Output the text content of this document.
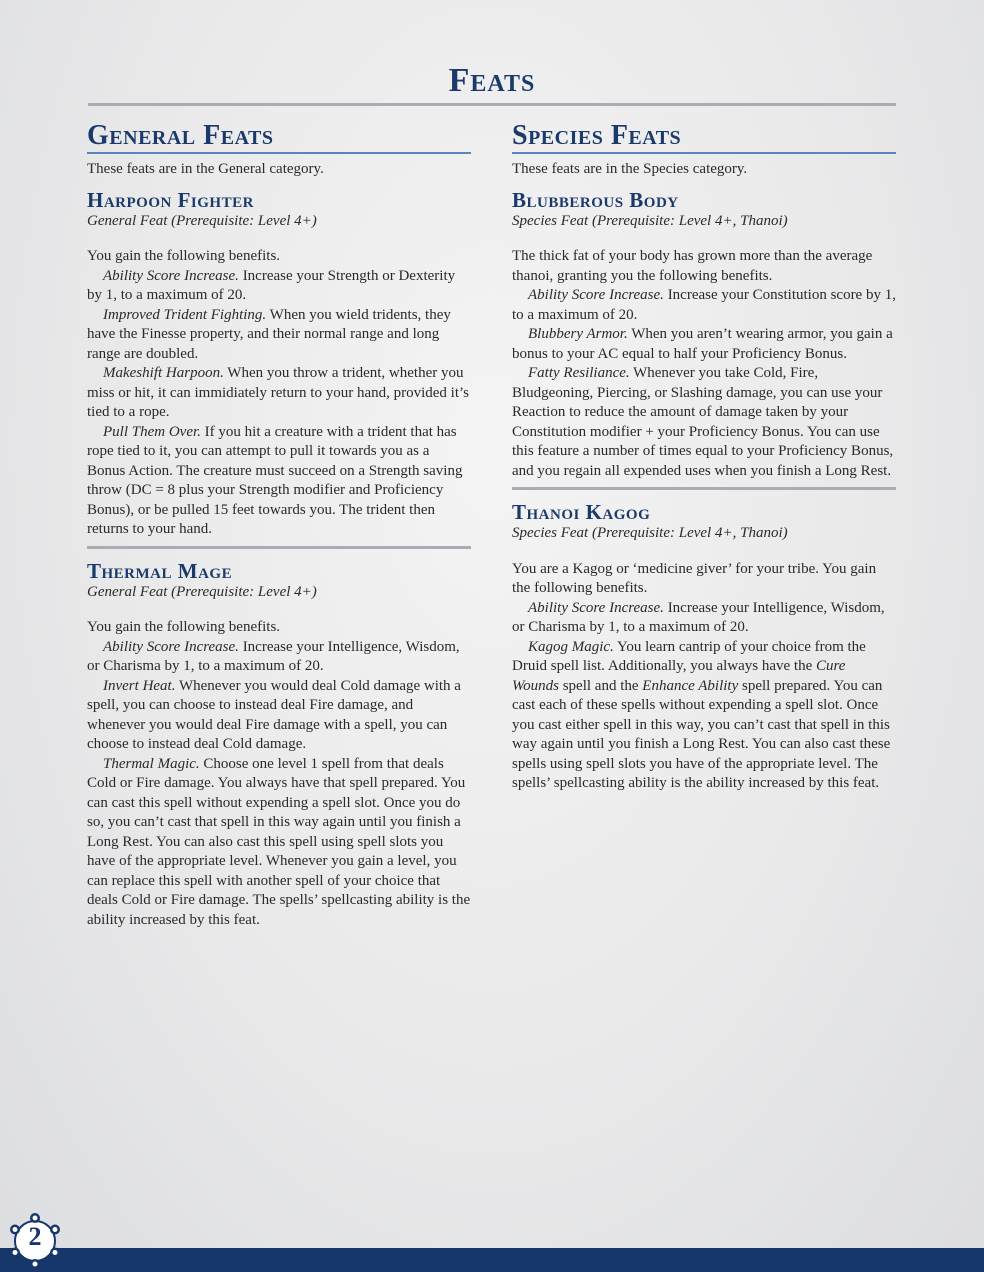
Feats
General Feats

These feats are in the General category.

Harpoon Fighter

General Feat (Prerequisite: Level 4+)

You gain the following benefits.

Ability Score Increase. Increase your Strength or Dexterity by 1, to a maximum of 20.

Improved Trident Fighting. When you wield tridents, they have the Finesse property, and their normal range and long range are doubled.

Makeshift Harpoon. When you throw a trident, whether you miss or hit, it can immidiately return to your hand, provided it’s tied to a rope.

Pull Them Over. If you hit a creature with a trident that has rope tied to it, you can attempt to pull it towards you as a Bonus Action. The creature must succeed on a Strength saving throw (DC = 8 plus your Strength modifier and Proficiency Bonus), or be pulled 15 feet towards you. The trident then returns to your hand.

Thermal Mage

General Feat (Prerequisite: Level 4+)

You gain the following benefits.

Ability Score Increase. Increase your Intelligence, Wisdom, or Charisma by 1, to a maximum of 20.

Invert Heat. Whenever you would deal Cold damage with a spell, you can choose to instead deal Fire damage, and whenever you would deal Fire damage with a spell, you can choose to instead deal Cold damage.

Thermal Magic. Choose one level 1 spell from that deals Cold or Fire damage. You always have that spell prepared. You can cast this spell without expending a spell slot. Once you do so, you can’t cast that spell in this way again until you finish a Long Rest. You can also cast this spell using spell slots you have of the appropriate level. Whenever you gain a level, you can replace this spell with another spell of your choice that deals Cold or Fire damage. The spells’ spellcasting ability is the ability increased by this feat.

Species Feats

These feats are in the Species category.

Blubberous Body

Species Feat (Prerequisite: Level 4+, Thanoi)

The thick fat of your body has grown more than the average thanoi, granting you the following benefits.

Ability Score Increase. Increase your Constitution score by 1, to a maximum of 20.

Blubbery Armor. When you aren’t wearing armor, you gain a bonus to your AC equal to half your Proficiency Bonus.

Fatty Resiliance. Whenever you take Cold, Fire, Bludgeoning, Piercing, or Slashing damage, you can use your Reaction to reduce the amount of damage taken by your Constitution modifier + your Proficiency Bonus. You can use this feature a number of times equal to your Proficiency Bonus, and you regain all expended uses when you finish a Long Rest.

Thanoi Kagog

Species Feat (Prerequisite: Level 4+, Thanoi)

You are a Kagog or ‘medicine giver’ for your tribe. You gain the following benefits.

Ability Score Increase. Increase your Intelligence, Wisdom, or Charisma by 1, to a maximum of 20.

Kagog Magic. You learn cantrip of your choice from the Druid spell list. Additionally, you always have the Cure Wounds spell and the Enhance Ability spell prepared. You can cast each of these spells without expending a spell slot. Once you cast either spell in this way, you can’t cast that spell in this way again until you finish a Long Rest. You can also cast these spells using spell slots you have of the appropriate level. The spells’ spellcasting ability is the ability increased by this feat.

2
